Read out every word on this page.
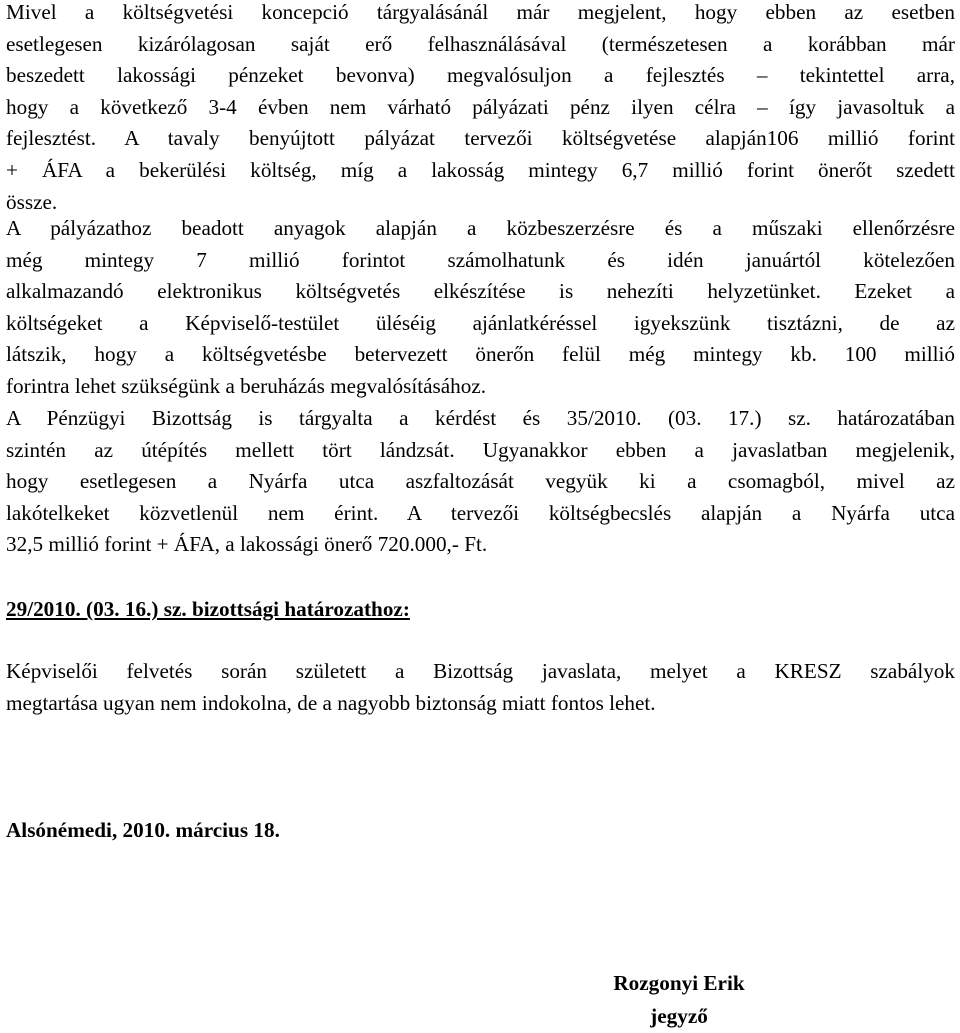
Mivel a költségvetési koncepció tárgyalásánál már megjelent, hogy ebben az esetben
esetlegesen kizárólagosan saját erő felhasználásával (természetesen a korábban már
beszedett lakossági pénzeket bevonva) megvalósuljon a fejlesztés – tekintettel arra,
hogy a következő 3-4 évben nem várható pályázati pénz ilyen célra – így javasoltuk a
fejlesztést. A tavaly benyújtott pályázat tervezői költségvetése alapján106 millió forint
+ ÁFA a bekerülési költség, míg a lakosság mintegy 6,7 millió forint önerőt szedett
össze.
A pályázathoz beadott anyagok alapján a közbeszerzésre és a műszaki ellenőrzésre
még mintegy 7 millió forintot számolhatunk és idén januártól kötelezően
alkalmazandó elektronikus költségvetés elkészítése is nehezíti helyzetünket. Ezeket a
költségeket a Képviselő-testület üléséig ajánlatkéréssel igyekszünk tisztázni, de az
látszik, hogy a költségvetésbe betervezett önerőn felül még mintegy kb. 100 millió
forintra lehet szükségünk a beruházás megvalósításához.
A Pénzügyi Bizottság is tárgyalta a kérdést és 35/2010. (03. 17.) sz. határozatában
szintén az útépítés mellett tört lándzsát. Ugyanakkor ebben a javaslatban megjelenik,
hogy esetlegesen a Nyárfa utca aszfaltozását vegyük ki a csomagból, mivel az
lakótelkeket közvetlenül nem érint. A tervezői költségbecslés alapján a Nyárfa utca
32,5 millió forint + ÁFA, a lakossági önerő 720.000,- Ft.

29/2010. (03. 16.) sz. bizottsági határozathoz:

Képviselői felvetés során született a Bizottság javaslata, melyet a KRESZ szabályok
megtartása ugyan nem indokolna, de a nagyobb biztonság miatt fontos lehet.

Alsónémedi, 2010. március 18.

Rozgonyi Erik
jegyző
